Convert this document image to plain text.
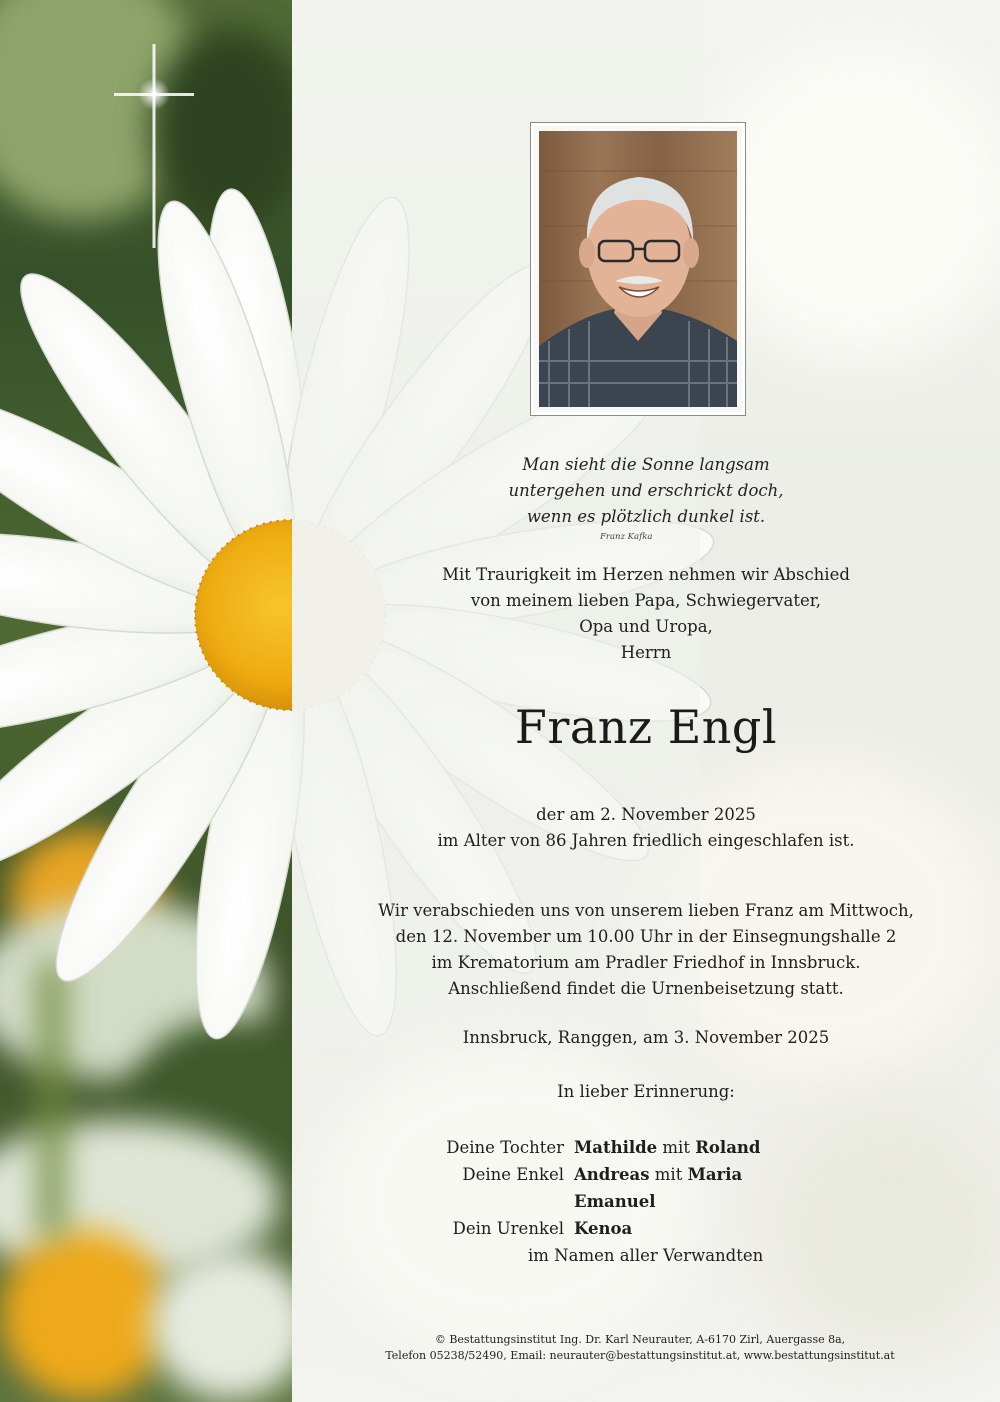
Man sieht die Sonne langsam
untergehen und erschrickt doch,
wenn es plötzlich dunkel ist.
Franz Kafka
Mit Traurigkeit im Herzen nehmen wir Abschied
von meinem lieben Papa, Schwiegervater,
Opa und Uropa,
Herrn
Franz Engl
der am 2. November 2025
im Alter von 86 Jahren friedlich eingeschlafen ist.
Wir verabschieden uns von unserem lieben Franz am Mittwoch,
den 12. November um 10.00 Uhr in der Einsegnungshalle 2
im Krematorium am Pradler Friedhof in Innsbruck.
Anschließend findet die Urnenbeisetzung statt.
Innsbruck, Ranggen, am 3. November 2025
In lieber Erinnerung:
Deine Tochter Mathilde mit Roland
Deine Enkel Andreas mit Maria
Emanuel
Dein Urenkel Kenoa
im Namen aller Verwandten
© Bestattungsinstitut Ing. Dr. Karl Neurauter, A-6170 Zirl, Auergasse 8a,
Telefon 05238/52490, Email: neurauter@bestattungsinstitut.at, www.bestattungsinstitut.at
